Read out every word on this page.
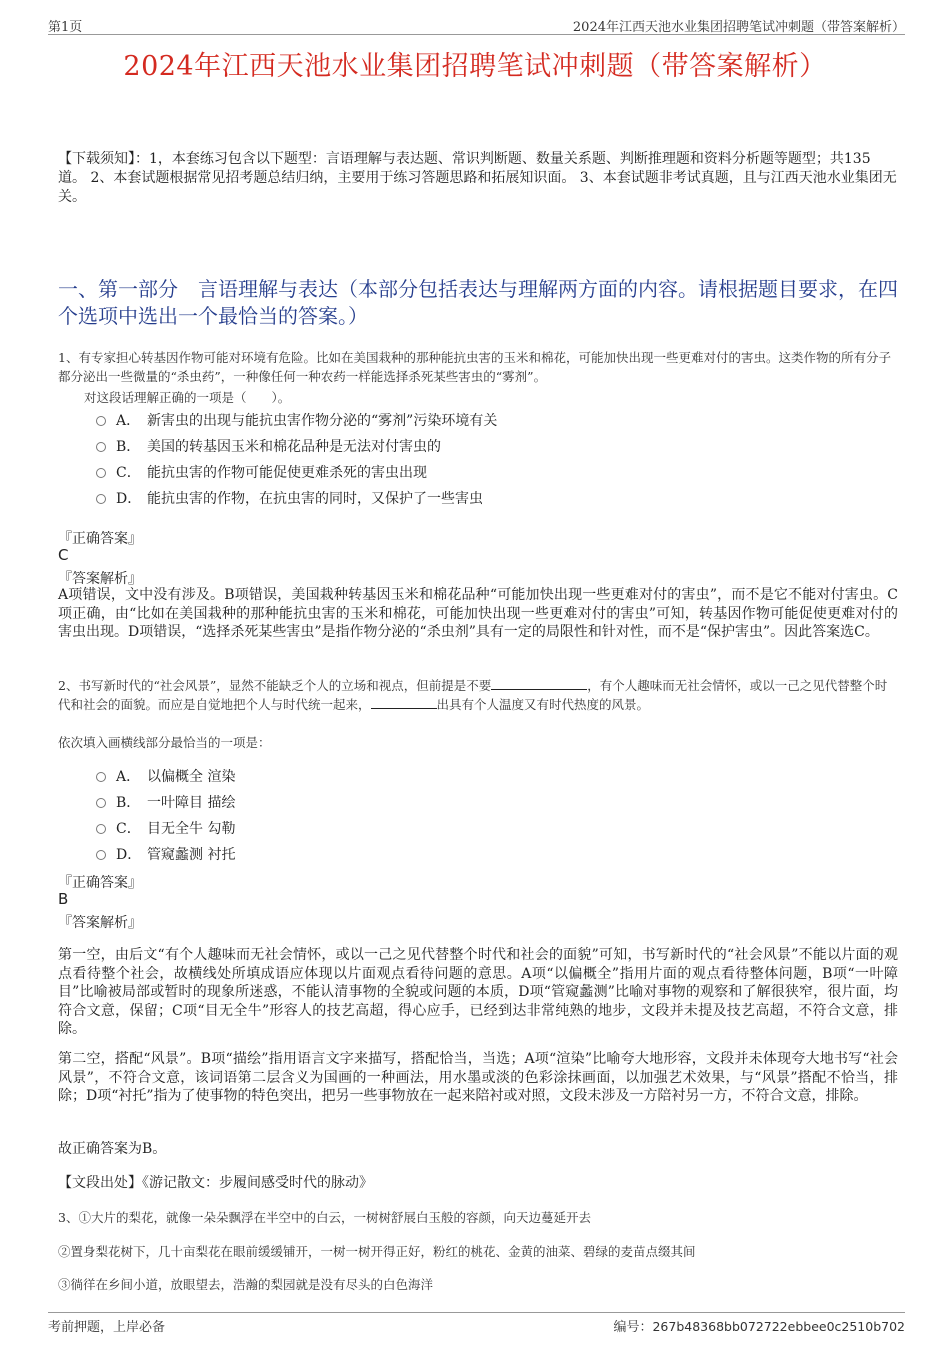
第1页	2024年江西天池水业集团招聘笔试冲刺题（带答案解析）
2024年江西天池水业集团招聘笔试冲刺题（带答案解析）
【下载须知】：1，本套练习包含以下题型：言语理解与表达题、常识判断题、数量关系题、判断推理题和资料分析题等题型；共135道。 2、本套试题根据常见招考题总结归纳，主要用于练习答题思路和拓展知识面。 3、本套试题非考试真题，且与江西天池水业集团无关。
一、第一部分　言语理解与表达（本部分包括表达与理解两方面的内容。请根据题目要求，在四个选项中选出一个最恰当的答案。）
1、有专家担心转基因作物可能对环境有危险。比如在美国栽种的那种能抗虫害的玉米和棉花，可能加快出现一些更难对付的害虫。这类作物的所有分子都分泌出一些微量的“杀虫药”，一种像任何一种农药一样能选择杀死某些害虫的“雾剂”。
对这段话理解正确的一项是（　　）。
A． 新害虫的出现与能抗虫害作物分泌的“雾剂”污染环境有关
B． 美国的转基因玉米和棉花品种是无法对付害虫的
C． 能抗虫害的作物可能促使更难杀死的害虫出现
D． 能抗虫害的作物，在抗虫害的同时，又保护了一些害虫
『正确答案』
C
『答案解析』
A项错误，文中没有涉及。B项错误，美国栽种转基因玉米和棉花品种“可能加快出现一些更难对付的害虫”，而不是它不能对付害虫。C项正确，由“比如在美国栽种的那种能抗虫害的玉米和棉花，可能加快出现一些更难对付的害虫”可知，转基因作物可能促使更难对付的害虫出现。D项错误，“选择杀死某些害虫”是指作物分泌的“杀虫剂”具有一定的局限性和针对性，而不是“保护害虫”。因此答案选C。
2、书写新时代的“社会风景”，显然不能缺乏个人的立场和视点，但前提是不要	，有个人趣味而无社会情怀，或以一己之见代替整个时代和社会的面貌。而应是自觉地把个人与时代统一起来，	出具有个人温度又有时代热度的风景。
依次填入画横线部分最恰当的一项是：
A． 以偏概全 渲染
B． 一叶障目 描绘
C． 目无全牛 勾勒
D． 管窥蠡测 衬托
『正确答案』
B
『答案解析』
第一空，由后文“有个人趣味而无社会情怀，或以一己之见代替整个时代和社会的面貌”可知，书写新时代的“社会风景”不能以片面的观点看待整个社会，故横线处所填成语应体现以片面观点看待问题的意思。A项“以偏概全”指用片面的观点看待整体问题，B项“一叶障目”比喻被局部或暂时的现象所迷惑，不能认清事物的全貌或问题的本质，D项“管窥蠡测”比喻对事物的观察和了解很狭窄，很片面，均符合文意，保留；C项“目无全牛”形容人的技艺高超，得心应手，已经到达非常纯熟的地步，文段并未提及技艺高超，不符合文意，排除。
第二空，搭配“风景”。B项“描绘”指用语言文字来描写，搭配恰当，当选；A项“渲染”比喻夸大地形容，文段并未体现夸大地书写“社会风景”，不符合文意，该词语第二层含义为国画的一种画法，用水墨或淡的色彩涂抹画面，以加强艺术效果，与“风景”搭配不恰当，排除；D项“衬托”指为了使事物的特色突出，把另一些事物放在一起来陪衬或对照，文段未涉及一方陪衬另一方，不符合文意，排除。
故正确答案为B。
【文段出处】《游记散文：步履间感受时代的脉动》
3、①大片的梨花，就像一朵朵飘浮在半空中的白云，一树树舒展白玉般的容颜，向天边蔓延开去
②置身梨花树下，几十亩梨花在眼前缓缓铺开，一树一树开得正好，粉红的桃花、金黄的油菜、碧绿的麦苗点缀其间
③徜徉在乡间小道，放眼望去，浩瀚的梨园就是没有尽头的白色海洋
考前押题，上岸必备	编号：267b48368bb072722ebbee0c2510b702
